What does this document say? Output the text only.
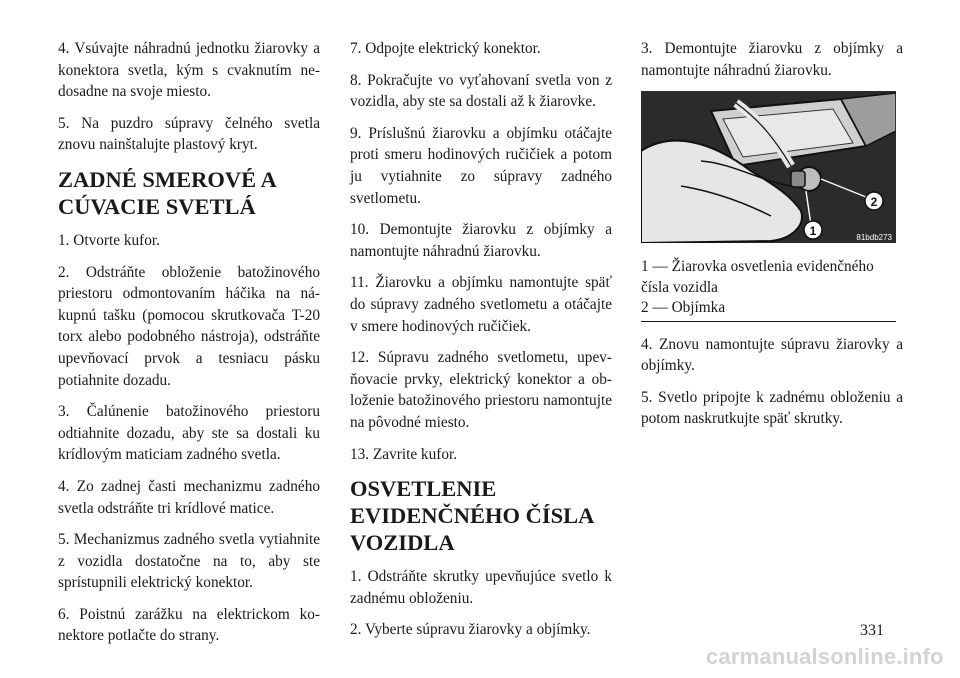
4. Vsúvajte náhradnú jednotku žiarovky a konektora svetla, kým s cvaknutím nedosadne na svoje miesto.

5. Na puzdro súpravy čelného svetla znovu nainštalujte plastový kryt.

ZADNÉ SMEROVÉ A CÚVACIE SVETLÁ

1. Otvorte kufor.

2. Odstráňte obloženie batožinového priestoru odmontovaním háčika na nákupnú tašku (pomocou skrutkovača T-20 torx alebo podobného nástroja), odstráňte upevňovací prvok a tesniacu pásku potiahnite dozadu.

3. Čalúnenie batožinového priestoru odtiahnite dozadu, aby ste sa dostali ku krídlovým maticiam zadného svetla.

4. Zo zadnej časti mechanizmu zadného svetla odstráňte tri krídlové matice.

5. Mechanizmus zadného svetla vytiahnite z vozidla dostatočne na to, aby ste sprístupnili elektrický konektor.

6. Poistnú zarážku na elektrickom konektore potlačte do strany.

7. Odpojte elektrický konektor.

8. Pokračujte vo vyťahovaní svetla von z vozidla, aby ste sa dostali až k žiarovke.

9. Príslušnú žiarovku a objímku otáčajte proti smeru hodinových ručičiek a potom ju vytiahnite zo súpravy zadného svetlometu.

10. Demontujte žiarovku z objímky a namontujte náhradnú žiarovku.

11. Žiarovku a objímku namontujte späť do súpravy zadného svetlometu a otáčajte v smere hodinových ručičiek.

12. Súpravu zadného svetlometu, upevňovacie prvky, elektrický konektor a obloženie batožinového priestoru namontujte na pôvodné miesto.

13. Zavrite kufor.

OSVETLENIE EVIDENČNÉHO ČÍSLA VOZIDLA

1. Odstráňte skrutky upevňujúce svetlo k zadnému obloženiu.

2. Vyberte súpravu žiarovky a objímky.

3. Demontujte žiarovku z objímky a namontujte náhradnú žiarovku.

2
1	81bdb273

1 — Žiarovka osvetlenia evidenčného čísla vozidla

2 — Objímka

4. Znovu namontujte súpravu žiarovky a objímky.

5. Svetlo pripojte k zadnému obloženiu a potom naskrutkujte späť skrutky.

331
carmanualsonline.info
